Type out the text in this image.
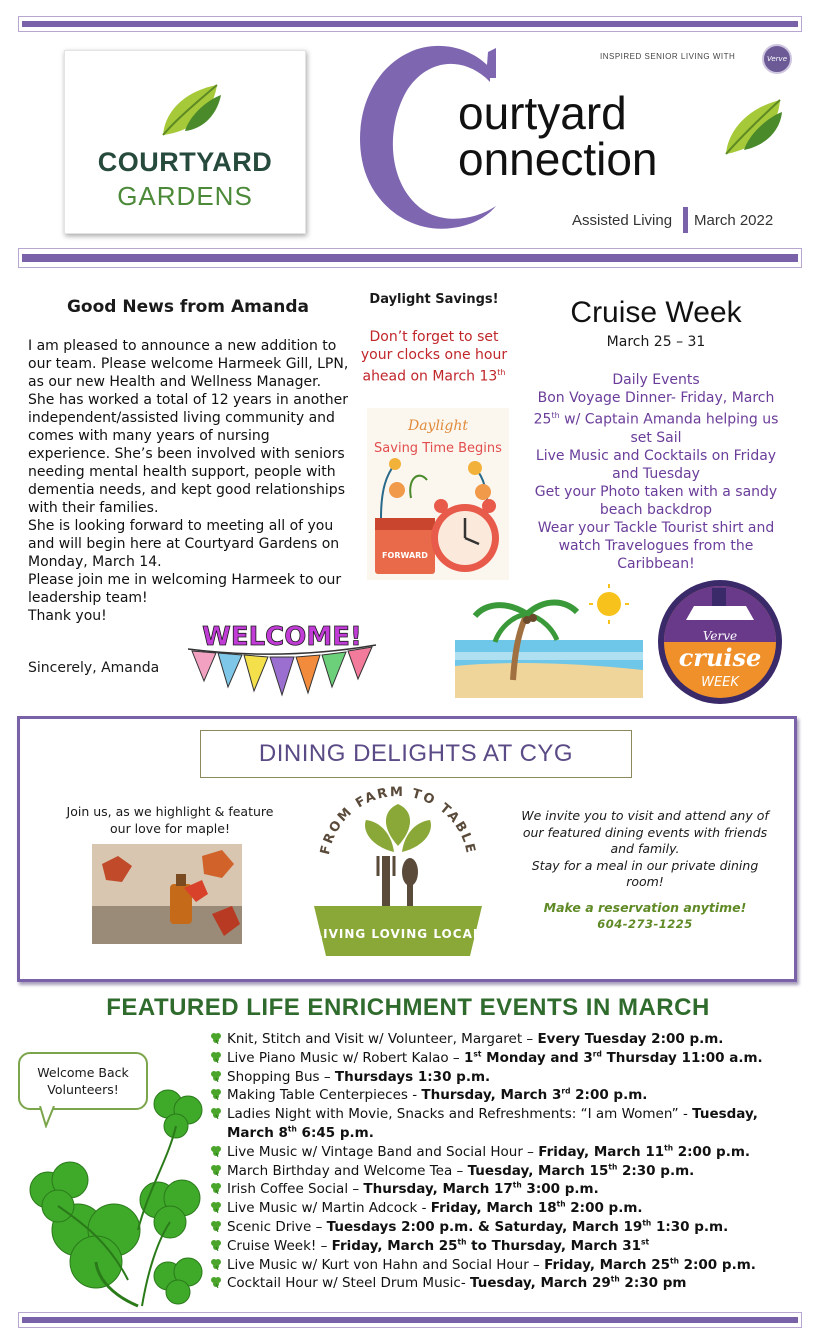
COURTYARD
GARDENS
C
INSPIRED SENIOR LIVING WITH	Verve
ourtyard
onnection
Assisted Living March 2022
Good News from Amanda

I am pleased to announce a new addition to our team. Please welcome Harmeek Gill, LPN, as our new Health and Wellness Manager.

She has worked a total of 12 years in another independent/assisted living community and comes with many years of nursing experience. She’s been involved with seniors needing mental health support, people with dementia needs, and kept good relationships with their families.

She is looking forward to meeting all of you and will begin here at Courtyard Gardens on Monday, March 14.

Please join me in welcoming Harmeek to our leadership team!

Thank you!

Sincerely, Amanda
WELCOME!
Daylight Savings!
Don’t forget to set your clocks one hour ahead on March 13th
Daylight
Saving Time Begins
FORWARD
Cruise Week
March 25 – 31
Daily Events
Bon Voyage Dinner- Friday, March 25th w/ Captain Amanda helping us set Sail
Live Music and Cocktails on Friday and Tuesday
Get your Photo taken with a sandy beach backdrop
Wear your Tackle Tourist shirt and watch Travelogues from the Caribbean!
Verve
cruise
WEEK
DINING DELIGHTS AT CYG
Join us, as we highlight & feature our love for maple!
FROM FARM TO TABLE
LIVING LOVING LOCAL
We invite you to visit and attend any of our featured dining events with friends and family.
Stay for a meal in our private dining room!
Make a reservation anytime!
604-273-1225
FEATURED LIFE ENRICHMENT EVENTS IN MARCH
Welcome Back Volunteers!
Knit, Stitch and Visit w/ Volunteer, Margaret – Every Tuesday 2:00 p.m.
Live Piano Music w/ Robert Kalao – 1st Monday and 3rd Thursday 11:00 a.m.
Shopping Bus – Thursdays 1:30 p.m.
Making Table Centerpieces - Thursday, March 3rd 2:00 p.m.
Ladies Night with Movie, Snacks and Refreshments: “I am Women” - Tuesday, March 8th 6:45 p.m.
Live Music w/ Vintage Band and Social Hour – Friday, March 11th 2:00 p.m.
March Birthday and Welcome Tea – Tuesday, March 15th 2:30 p.m.
Irish Coffee Social – Thursday, March 17th 3:00 p.m.
Live Music w/ Martin Adcock - Friday, March 18th 2:00 p.m.
Scenic Drive – Tuesdays 2:00 p.m. & Saturday, March 19th 1:30 p.m.
Cruise Week! – Friday, March 25th to Thursday, March 31st
Live Music w/ Kurt von Hahn and Social Hour – Friday, March 25th 2:00 p.m.
Cocktail Hour w/ Steel Drum Music- Tuesday, March 29th 2:30 pm
